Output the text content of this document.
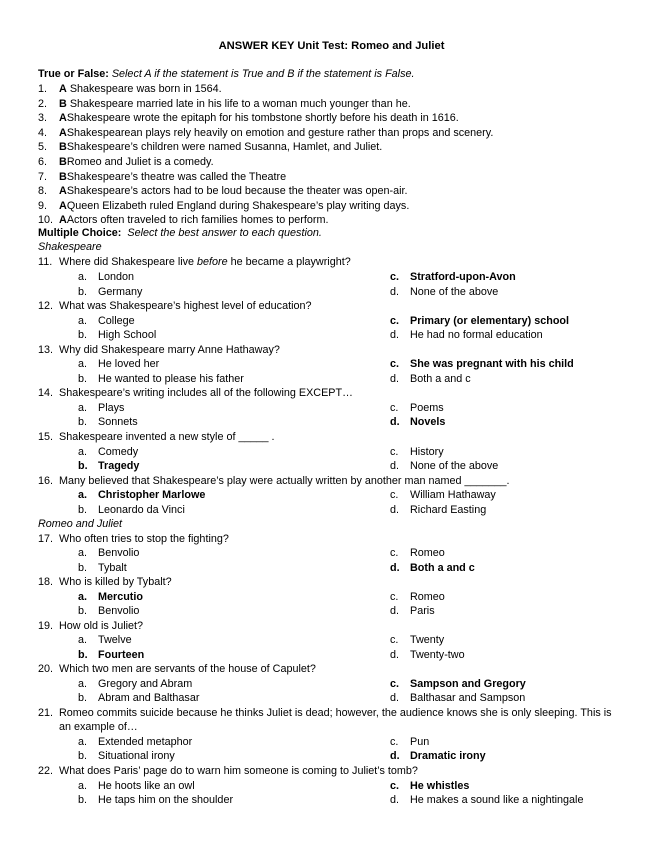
ANSWER KEY Unit Test: Romeo and Juliet
True or False: Select A if the statement is True and B if the statement is False.
1. A Shakespeare was born in 1564.
2. B Shakespeare married late in his life to a woman much younger than he.
3. AShakespeare wrote the epitaph for his tombstone shortly before his death in 1616.
4. AShakespearean plays rely heavily on emotion and gesture rather than props and scenery.
5. BShakespeare’s children were named Susanna, Hamlet, and Juliet.
6. BRomeo and Juliet is a comedy.
7. BShakespeare’s theatre was called the Theatre
8. AShakespeare’s actors had to be loud because the theater was open-air.
9. AQueen Elizabeth ruled England during Shakespeare’s play writing days.
10. AActors often traveled to rich families homes to perform.
Multiple Choice: Select the best answer to each question.
Shakespeare
11. Where did Shakespeare live before he became a playwright?
a. London	c. Stratford-upon-Avon
b. Germany	d. None of the above
12. What was Shakespeare’s highest level of education?
a. College	c. Primary (or elementary) school
b. High School	d. He had no formal education
13. Why did Shakespeare marry Anne Hathaway?
a. He loved her	c. She was pregnant with his child
b. He wanted to please his father	d. Both a and c
14. Shakespeare’s writing includes all of the following EXCEPT…
a. Plays	c. Poems
b. Sonnets	d. Novels
15. Shakespeare invented a new style of _____ .
a. Comedy	c. History
b. Tragedy	d. None of the above
16. Many believed that Shakespeare’s play were actually written by another man named _______.
a. Christopher Marlowe	c. William Hathaway
b. Leonardo da Vinci	d. Richard Easting
Romeo and Juliet
17. Who often tries to stop the fighting?
a. Benvolio	c. Romeo
b. Tybalt	d. Both a and c
18. Who is killed by Tybalt?
a. Mercutio	c. Romeo
b. Benvolio	d. Paris
19. How old is Juliet?
a. Twelve	c. Twenty
b. Fourteen	d. Twenty-two
20. Which two men are servants of the house of Capulet?
a. Gregory and Abram	c. Sampson and Gregory
b. Abram and Balthasar	d. Balthasar and Sampson
21. Romeo commits suicide because he thinks Juliet is dead; however, the audience knows she is only sleeping. This is
an example of…
a. Extended metaphor	c. Pun
b. Situational irony	d. Dramatic irony
22. What does Paris’ page do to warn him someone is coming to Juliet’s tomb?
a. He hoots like an owl	c. He whistles
b. He taps him on the shoulder	d. He makes a sound like a nightingale
